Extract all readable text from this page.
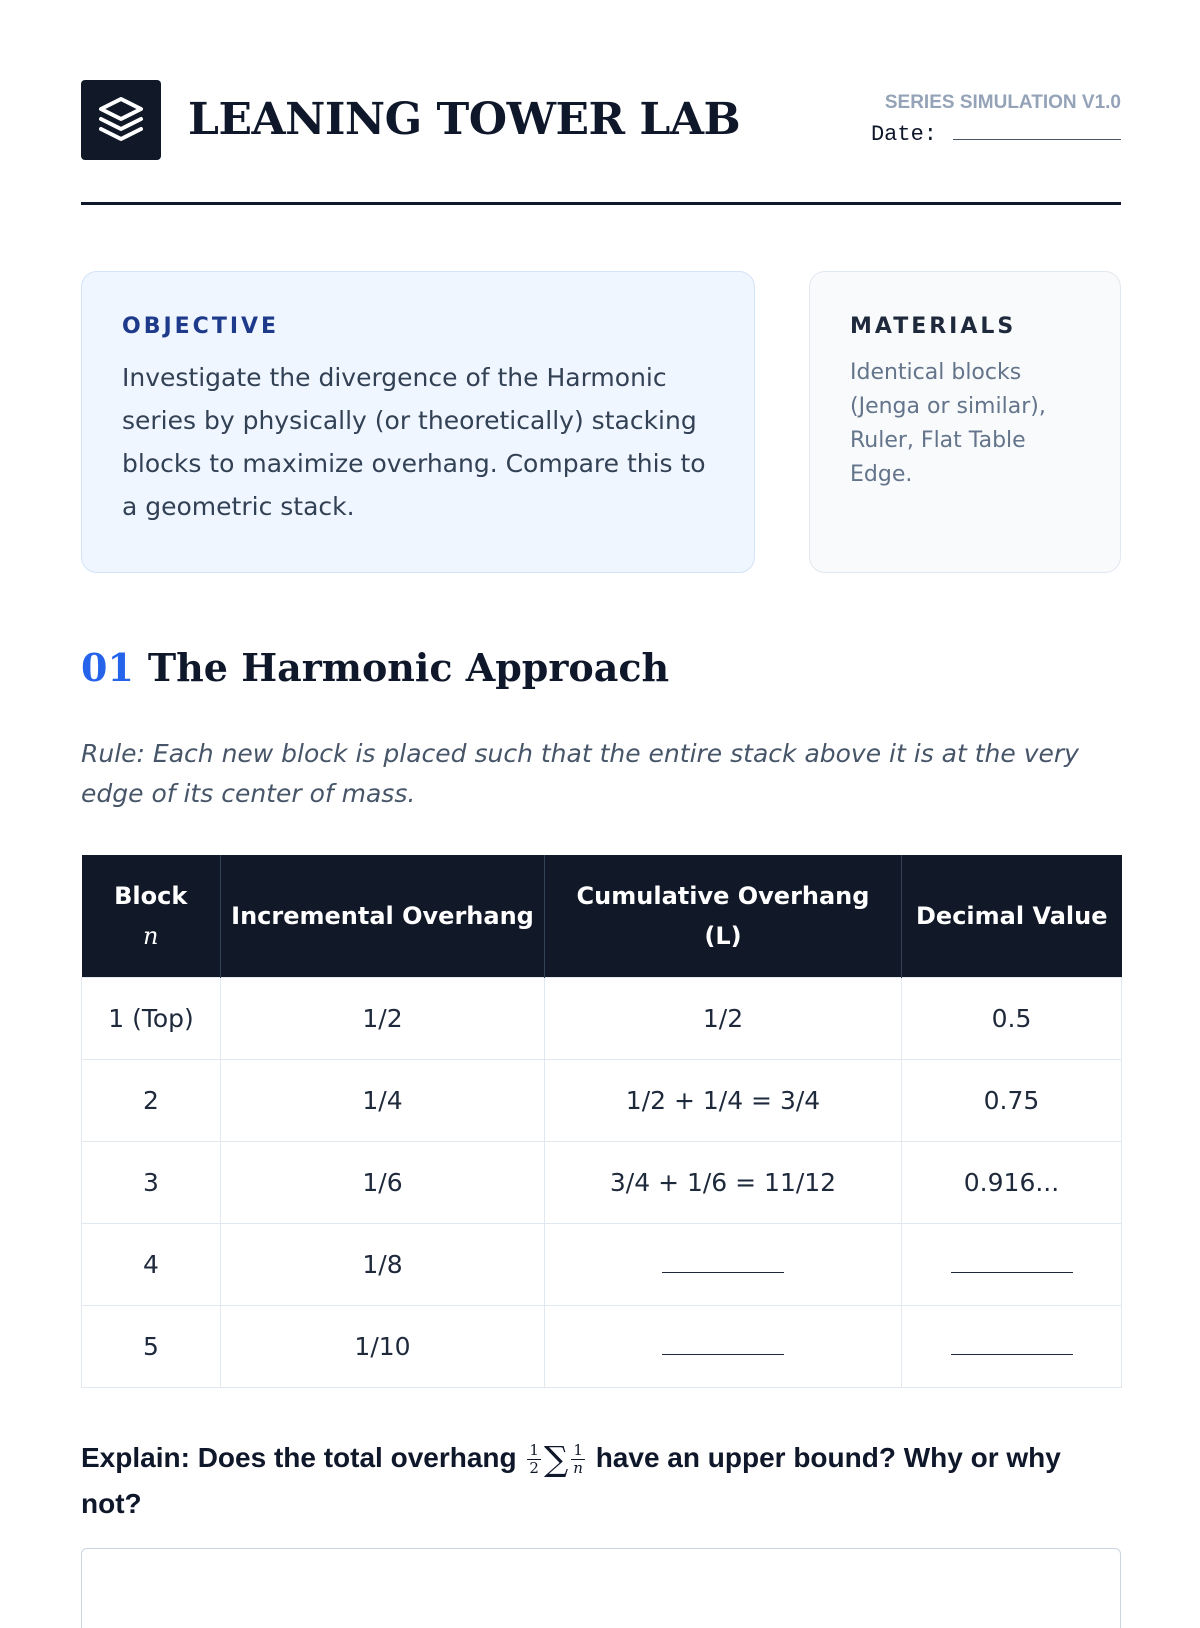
LEANING TOWER LAB	SERIES SIMULATION V1.0
Date:
OBJECTIVE

Investigate the divergence of the Harmonic series by physically (or theoretically) stacking blocks to maximize overhang. Compare this to a geometric stack.

MATERIALS

Identical blocks (Jenga or similar), Ruler, Flat Table Edge.

01 The Harmonic Approach

Rule: Each new block is placed such that the entire stack above it is at the very edge of its center of mass.

Block
n	Incremental Overhang	Cumulative Overhang (L)	Decimal Value
1 (Top)	1/2	1/2	0.5
2	1/4	1/2 + 1/4 = 3/4	0.75
3	1/6	3/4 + 1/6 = 11/12	0.916...
4	1/8		
5	1/10		

Explain: Does the total overhang $\frac{1}{2}$ ∑ $\frac{1}{n}$ have an upper bound? Why or why not?
